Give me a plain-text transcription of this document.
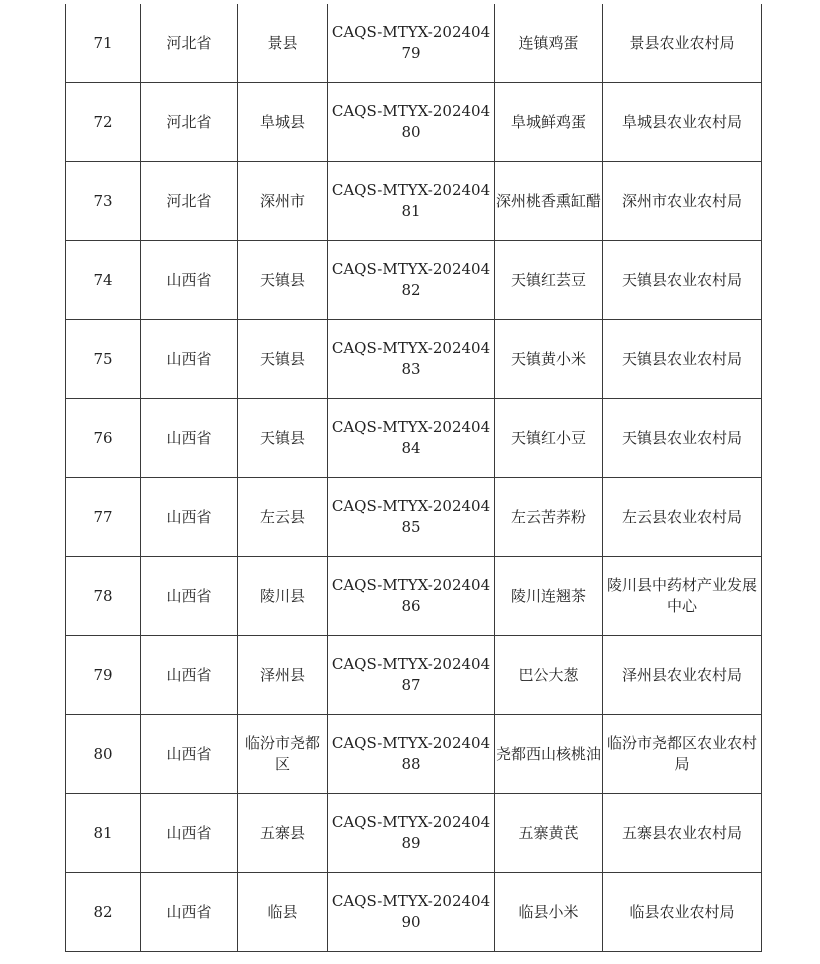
71	河北省	景县	CAQS-MTYX-20240479	连镇鸡蛋	景县农业农村局
72	河北省	阜城县	CAQS-MTYX-20240480	阜城鲜鸡蛋	阜城县农业农村局
73	河北省	深州市	CAQS-MTYX-20240481	深州桃香熏缸醋	深州市农业农村局
74	山西省	天镇县	CAQS-MTYX-20240482	天镇红芸豆	天镇县农业农村局
75	山西省	天镇县	CAQS-MTYX-20240483	天镇黄小米	天镇县农业农村局
76	山西省	天镇县	CAQS-MTYX-20240484	天镇红小豆	天镇县农业农村局
77	山西省	左云县	CAQS-MTYX-20240485	左云苦荞粉	左云县农业农村局
78	山西省	陵川县	CAQS-MTYX-20240486	陵川连翘茶	陵川县中药材产业发展中心
79	山西省	泽州县	CAQS-MTYX-20240487	巴公大葱	泽州县农业农村局
80	山西省	临汾市尧都区	CAQS-MTYX-20240488	尧都西山核桃油	临汾市尧都区农业农村局
81	山西省	五寨县	CAQS-MTYX-20240489	五寨黄芪	五寨县农业农村局
82	山西省	临县	CAQS-MTYX-20240490	临县小米	临县农业农村局
